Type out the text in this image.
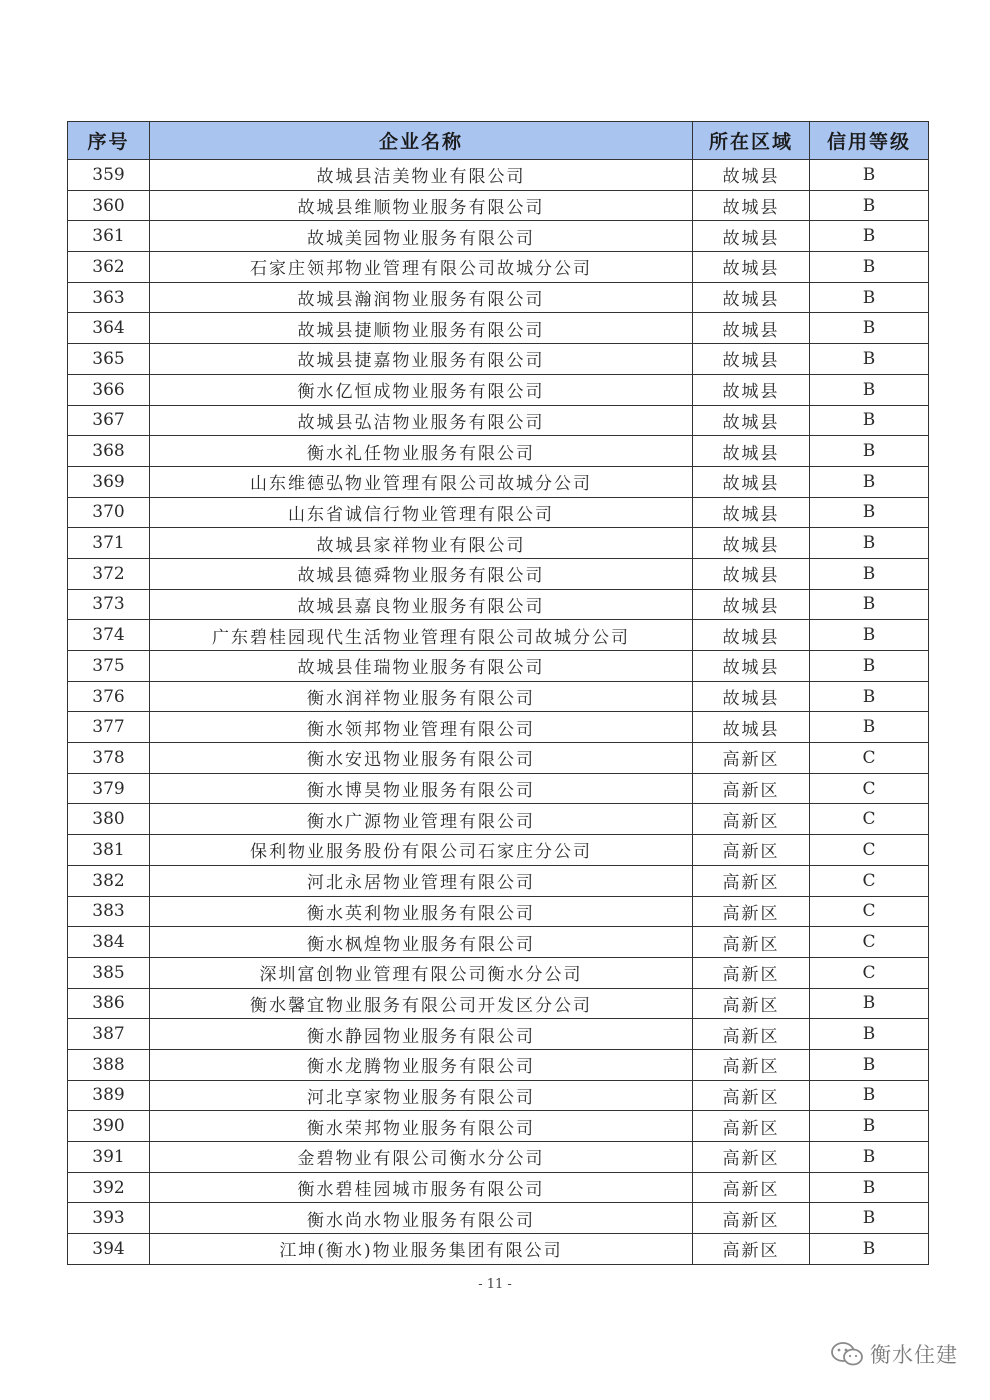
序号	企业名称	所在区域	信用等级
359	故城县洁美物业有限公司	故城县	B
360	故城县维顺物业服务有限公司	故城县	B
361	故城美园物业服务有限公司	故城县	B
362	石家庄领邦物业管理有限公司故城分公司	故城县	B
363	故城县瀚润物业服务有限公司	故城县	B
364	故城县捷顺物业服务有限公司	故城县	B
365	故城县捷嘉物业服务有限公司	故城县	B
366	衡水亿恒成物业服务有限公司	故城县	B
367	故城县弘洁物业服务有限公司	故城县	B
368	衡水礼任物业服务有限公司	故城县	B
369	山东维德弘物业管理有限公司故城分公司	故城县	B
370	山东省诚信行物业管理有限公司	故城县	B
371	故城县家祥物业有限公司	故城县	B
372	故城县德舜物业服务有限公司	故城县	B
373	故城县嘉良物业服务有限公司	故城县	B
374	广东碧桂园现代生活物业管理有限公司故城分公司	故城县	B
375	故城县佳瑞物业服务有限公司	故城县	B
376	衡水润祥物业服务有限公司	故城县	B
377	衡水领邦物业管理有限公司	故城县	B
378	衡水安迅物业服务有限公司	高新区	C
379	衡水博昊物业服务有限公司	高新区	C
380	衡水广源物业管理有限公司	高新区	C
381	保利物业服务股份有限公司石家庄分公司	高新区	C
382	河北永居物业管理有限公司	高新区	C
383	衡水英利物业服务有限公司	高新区	C
384	衡水枫煌物业服务有限公司	高新区	C
385	深圳富创物业管理有限公司衡水分公司	高新区	C
386	衡水馨宜物业服务有限公司开发区分公司	高新区	B
387	衡水静园物业服务有限公司	高新区	B
388	衡水龙腾物业服务有限公司	高新区	B
389	河北享家物业服务有限公司	高新区	B
390	衡水荣邦物业服务有限公司	高新区	B
391	金碧物业有限公司衡水分公司	高新区	B
392	衡水碧桂园城市服务有限公司	高新区	B
393	衡水尚水物业服务有限公司	高新区	B
394	江坤(衡水)物业服务集团有限公司	高新区	B
- 11 -
衡水住建
